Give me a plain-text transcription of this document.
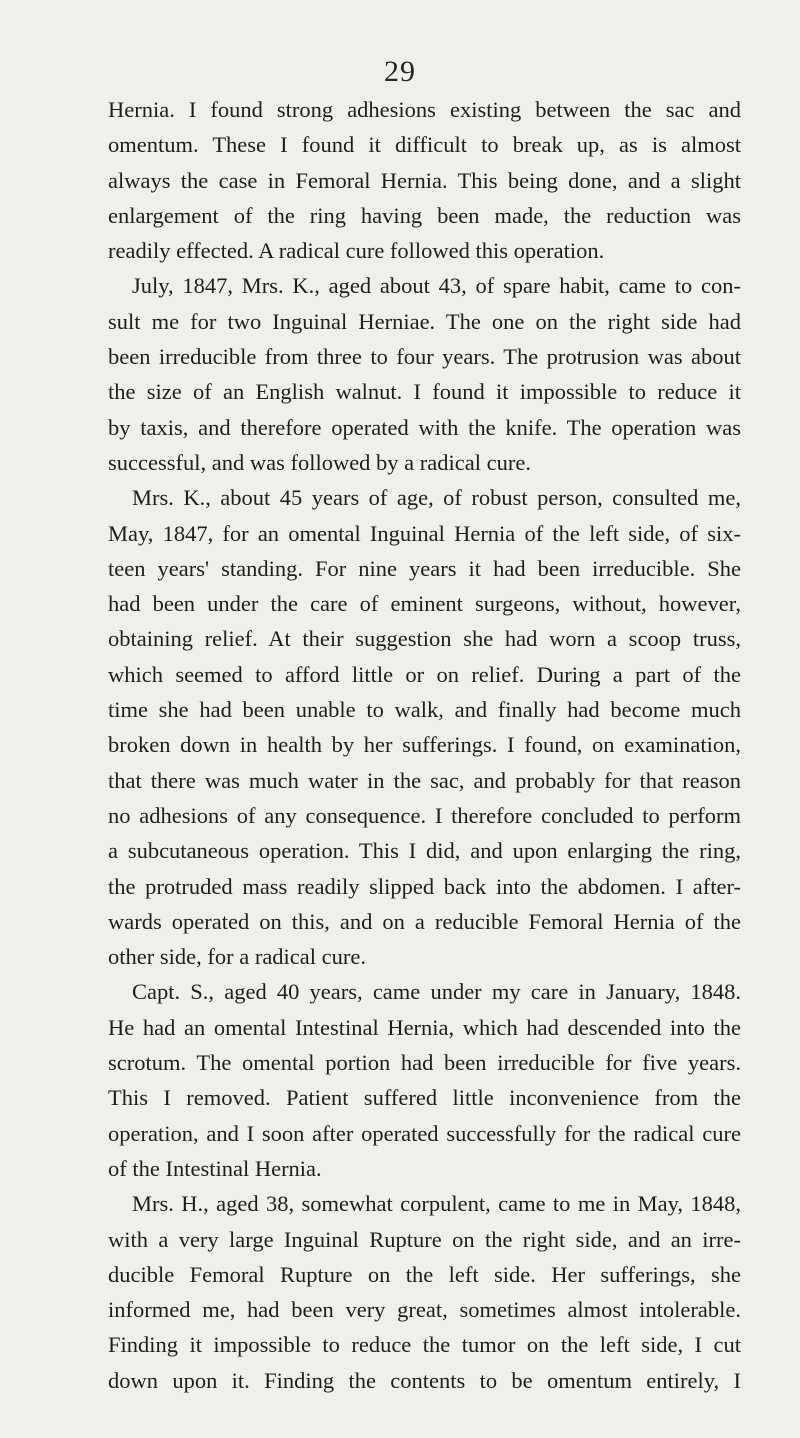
29
Hernia. I found strong adhesions existing between the sac and
omentum. These I found it difficult to break up, as is almost
always the case in Femoral Hernia. This being done, and a slight
enlargement of the ring having been made, the reduction was
readily effected. A radical cure followed this operation.
July, 1847, Mrs. K., aged about 43, of spare habit, came to con-
sult me for two Inguinal Herniae. The one on the right side had
been irreducible from three to four years. The protrusion was about
the size of an English walnut. I found it impossible to reduce it
by taxis, and therefore operated with the knife. The operation was
successful, and was followed by a radical cure.
Mrs. K., about 45 years of age, of robust person, consulted me,
May, 1847, for an omental Inguinal Hernia of the left side, of six-
teen years' standing. For nine years it had been irreducible. She
had been under the care of eminent surgeons, without, however,
obtaining relief. At their suggestion she had worn a scoop truss,
which seemed to afford little or on relief. During a part of the
time she had been unable to walk, and finally had become much
broken down in health by her sufferings. I found, on examination,
that there was much water in the sac, and probably for that reason
no adhesions of any consequence. I therefore concluded to perform
a subcutaneous operation. This I did, and upon enlarging the ring,
the protruded mass readily slipped back into the abdomen. I after-
wards operated on this, and on a reducible Femoral Hernia of the
other side, for a radical cure.
Capt. S., aged 40 years, came under my care in January, 1848.
He had an omental Intestinal Hernia, which had descended into the
scrotum. The omental portion had been irreducible for five years.
This I removed. Patient suffered little inconvenience from the
operation, and I soon after operated successfully for the radical cure
of the Intestinal Hernia.
Mrs. H., aged 38, somewhat corpulent, came to me in May, 1848,
with a very large Inguinal Rupture on the right side, and an irre-
ducible Femoral Rupture on the left side. Her sufferings, she
informed me, had been very great, sometimes almost intolerable.
Finding it impossible to reduce the tumor on the left side, I cut
down upon it. Finding the contents to be omentum entirely, I
